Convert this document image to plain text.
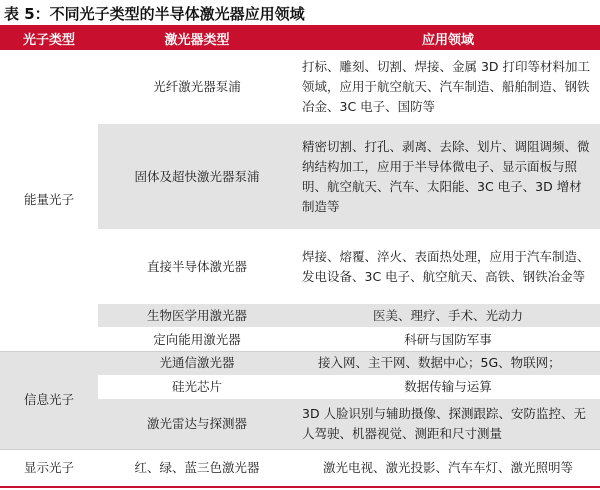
表 5：不同光子类型的半导体激光器应用领域
光子类型	激光器类型	应用领域
能量光子	光纤激光器泵浦	打标、雕刻、切割、焊接、金属 3D 打印等材料加工领域，应用于航空航天、汽车制造、船舶制造、钢铁冶金、3C 电子、国防等
	固体及超快激光器泵浦	精密切割、打孔、剥离、去除、划片、调阻调频、微纳结构加工，应用于半导体微电子、显示面板与照明、航空航天、汽车、太阳能、3C 电子、3D 增材制造等
	直接半导体激光器	焊接、熔覆、淬火、表面热处理，应用于汽车制造、发电设备、3C 电子、航空航天、高铁、钢铁冶金等
	生物医学用激光器	医美、理疗、手术、光动力
	定向能用激光器	科研与国防军事
信息光子	光通信激光器	接入网、主干网、数据中心；5G、物联网；
	硅光芯片	数据传输与运算
	激光雷达与探测器	3D 人脸识别与辅助摄像、探测跟踪、安防监控、无人驾驶、机器视觉、测距和尺寸测量
显示光子	红、绿、蓝三色激光器	激光电视、激光投影、汽车车灯、激光照明等
